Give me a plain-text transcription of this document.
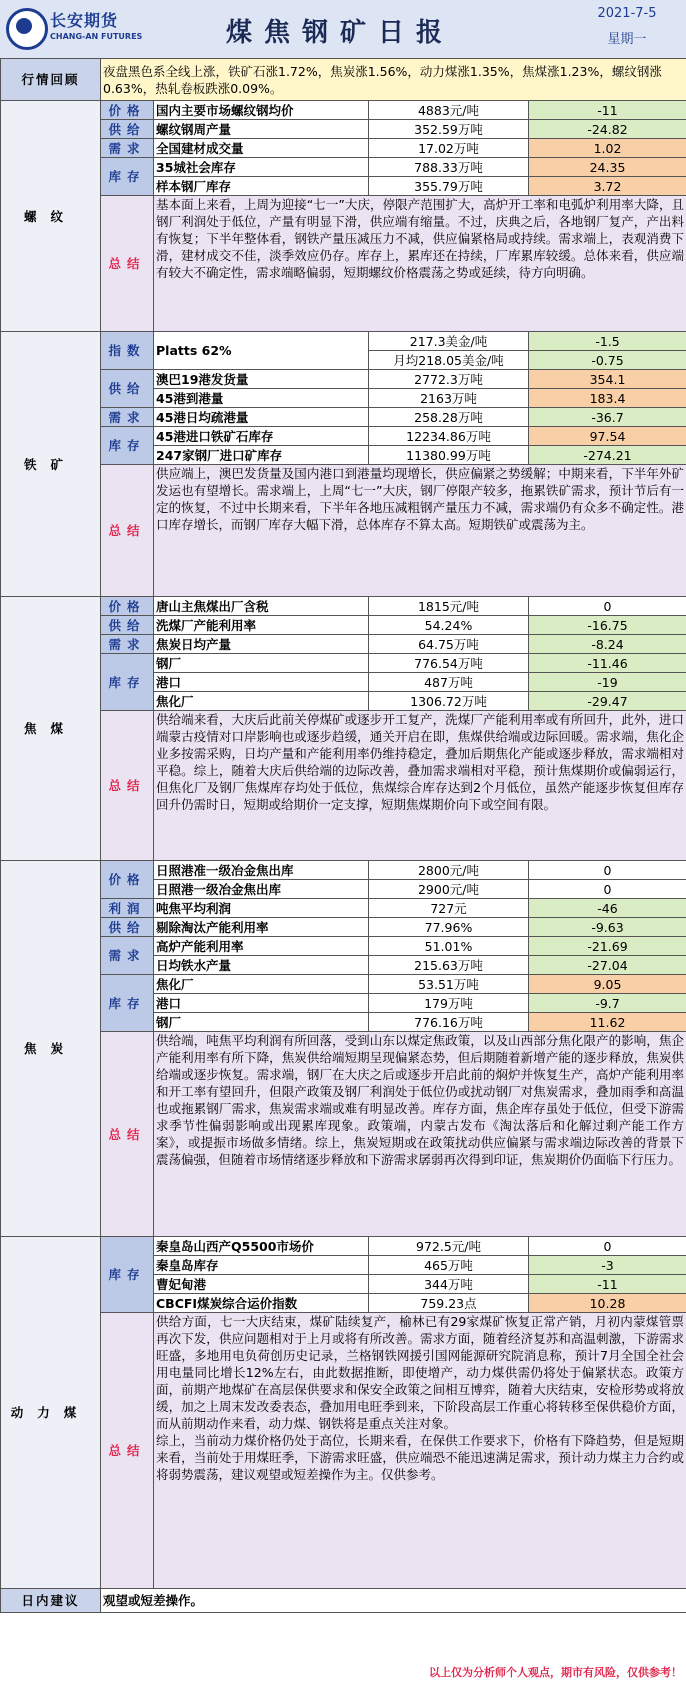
长安期货
CHANG-AN FUTURES	煤焦钢矿日报
2021-7-5
星期一
行情回顾	夜盘黑色系全线上涨，铁矿石涨1.72%，焦炭涨1.56%，动力煤涨1.35%，焦煤涨1.23%，螺纹钢涨0.63%，热轧卷板跌涨0.09%。			
螺纹	价格	国内主要市场螺纹钢均价	4883元/吨	-11
	供给	螺纹钢周产量	352.59万吨	-24.82
	需求	全国建材成交量	17.02万吨	1.02
	库存	35城社会库存	788.33万吨	24.35
		样本钢厂库存	355.79万吨	3.72
	总结	基本面上来看，上周为迎接“七一”大庆，停限产范围扩大，高炉开工率和电弧炉利用率大降，且钢厂利润处于低位，产量有明显下滑，供应端有缩量。不过，庆典之后，各地钢厂复产，产出料有恢复；下半年整体看，钢铁产量压减压力不减，供应偏紧格局或持续。需求端上，表观消费下滑，建材成交不佳，淡季效应仍存。库存上，累库还在持续，厂库累库较缓。总体来看，供应端有较大不确定性，需求端略偏弱，短期螺纹价格震荡之势或延续，待方向明确。		
铁矿	指数	Platts 62%	217.3美金/吨	-1.5
			月均218.05美金/吨	-0.75
	供给	澳巴19港发货量	2772.3万吨	354.1
		45港到港量	2163万吨	183.4
	需求	45港日均疏港量	258.28万吨	-36.7
	库存	45港进口铁矿石库存	12234.86万吨	97.54
		247家钢厂进口矿库存	11380.99万吨	-274.21
	总结	供应端上，澳巴发货量及国内港口到港量均现增长，供应偏紧之势缓解；中期来看，下半年外矿发运也有望增长。需求端上，上周“七一”大庆，钢厂停限产较多，拖累铁矿需求，预计节后有一定的恢复，不过中长期来看，下半年各地压减粗钢产量压力不减，需求端仍有众多不确定性。港口库存增长，而钢厂库存大幅下滑，总体库存不算太高。短期铁矿或震荡为主。		
焦煤	价格	唐山主焦煤出厂含税	1815元/吨	0
	供给	洗煤厂产能利用率	54.24%	-16.75
	需求	焦炭日均产量	64.75万吨	-8.24
	库存	钢厂	776.54万吨	-11.46
		港口	487万吨	-19
		焦化厂	1306.72万吨	-29.47
	总结	供给端来看，大庆后此前关停煤矿或逐步开工复产，洗煤厂产能利用率或有所回升，此外，进口端蒙古疫情对口岸影响也或逐步趋缓，通关开启在即，焦煤供给端或边际回暖。需求端，焦化企业多按需采购，日均产量和产能利用率仍维持稳定，叠加后期焦化产能或逐步释放，需求端相对平稳。综上，随着大庆后供给端的边际改善，叠加需求端相对平稳，预计焦煤期价或偏弱运行，但焦化厂及钢厂焦煤库存均处于低位，焦煤综合库存达到2个月低位，虽然产能逐步恢复但库存回升仍需时日，短期或给期价一定支撑，短期焦煤期价向下或空间有限。		
焦炭	价格	日照港准一级冶金焦出库	2800元/吨	0
		日照港一级冶金焦出库	2900元/吨	0
	利润	吨焦平均利润	727元	-46
	供给	剔除淘汰产能利用率	77.96%	-9.63
	需求	高炉产能利用率	51.01%	-21.69
		日均铁水产量	215.63万吨	-27.04
	库存	焦化厂	53.51万吨	9.05
		港口	179万吨	-9.7
		钢厂	776.16万吨	11.62
	总结	供给端，吨焦平均利润有所回落，受到山东以煤定焦政策，以及山西部分焦化限产的影响，焦企产能利用率有所下降，焦炭供给端短期呈现偏紧态势，但后期随着新增产能的逐步释放，焦炭供给端或逐步恢复。需求端，钢厂在大庆之后或逐步开启此前的焖炉并恢复生产，高炉产能利用率和开工率有望回升，但限产政策及钢厂利润处于低位仍或扰动钢厂对焦炭需求，叠加雨季和高温也或拖累钢厂需求，焦炭需求端或难有明显改善。库存方面，焦企库存虽处于低位，但受下游需求季节性偏弱影响或出现累库现象。政策端，内蒙古发布《淘汰落后和化解过剩产能工作方案》，或提振市场做多情绪。综上，焦炭短期或在政策扰动供应偏紧与需求端边际改善的背景下震荡偏强，但随着市场情绪逐步释放和下游需求孱弱再次得到印证，焦炭期价仍面临下行压力。		
动力煤	库存	秦皇岛山西产Q5500市场价	972.5元/吨	0
		秦皇岛库存	465万吨	-3
		曹妃甸港	344万吨	-11
		CBCFI煤炭综合运价指数	759.23点	10.28
	总结	供给方面，七一大庆结束，煤矿陆续复产，榆林已有29家煤矿恢复正常产销，月初内蒙煤管票再次下发，供应问题相对于上月或将有所改善。需求方面，随着经济复苏和高温刺激，下游需求旺盛，多地用电负荷创历史记录，兰格钢铁网援引国网能源研究院消息称，预计7月全国全社会用电量同比增长12%左右，由此数据推断，即使增产，动力煤供需仍将处于偏紧状态。政策方面，前期产地煤矿在高层保供要求和保安全政策之间相互博弈，随着大庆结束，安检形势或将放缓，加之上周末发改委表态，叠加用电旺季到来，下阶段高层工作重心将转移至保供稳价方面，而从前期动作来看，动力煤、钢铁将是重点关注对象。
综上，当前动力煤价格仍处于高位，长期来看，在保供工作要求下，价格有下降趋势，但是短期来看，当前处于用煤旺季，下游需求旺盛，供应端恐不能迅速满足需求，预计动力煤主力合约或将弱势震荡，建议观望或短差操作为主。仅供参考。		
日内建议	观望或短差操作。			
以上仅为分析师个人观点，期市有风险，仅供参考！
